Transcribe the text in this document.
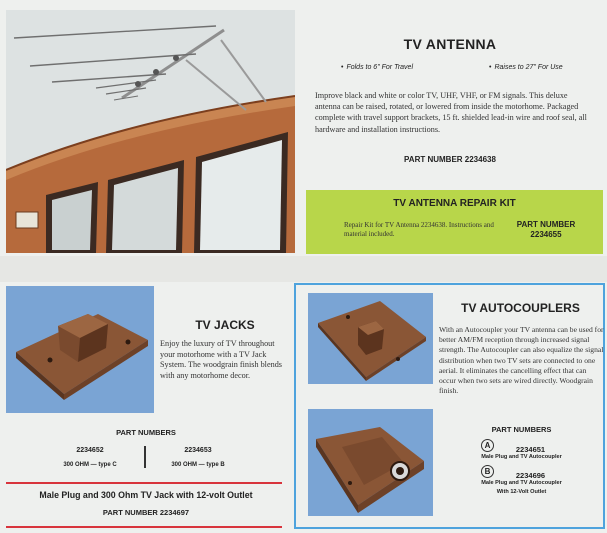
TV ANTENNA
• Folds to 6" For Travel	• Raises to 27" For Use
Improve black and white or color TV, UHF, VHF, or FM signals. This deluxe antenna can be raised, rotated, or lowered from inside the motorhome. Packaged complete with travel support brackets, 15 ft. shielded lead-in wire and roof seal, all hardware and installation instructions.
PART NUMBER 2234638
TV ANTENNA REPAIR KIT
Repair Kit for TV Antenna 2234638. Instructions and material included.
PART NUMBER
2234655
TV JACKS
Enjoy the luxury of TV throughout your motorhome with a TV Jack System. The woodgrain finish blends with any motorhome decor.
PART NUMBERS
2234652
300 OHM — type C
2234653
300 OHM — type B
Male Plug and 300 Ohm TV Jack with 12-volt Outlet
PART NUMBER 2234697
TV AUTOCOUPLERS
With an Autocoupler your TV antenna can be used for better AM/FM reception through increased signal strength. The Autocoupler can also equalize the signal distribution when two TV sets are connected to one aerial. It eliminates the cancelling effect that can occur when two sets are wired directly. Woodgrain finish.
PART NUMBERS
A	2234651
Male Plug and TV Autocoupler
B	2234696
Male Plug and TV Autocoupler
With 12-Volt Outlet
